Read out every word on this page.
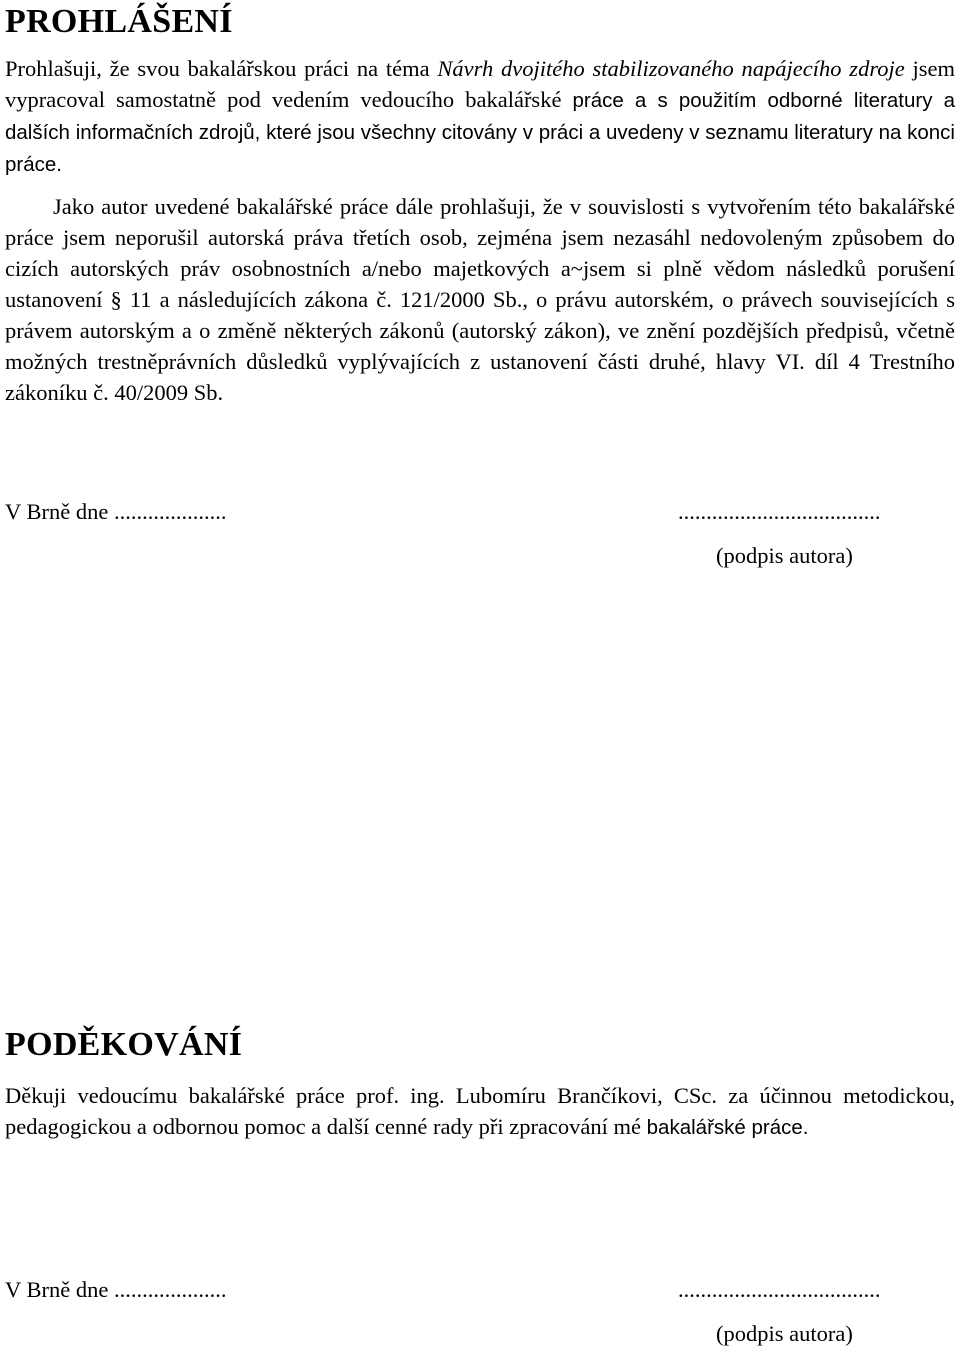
PROHLÁŠENÍ

Prohlašuji, že svou bakalářskou práci na téma Návrh dvojitého stabilizovaného napájecího zdroje jsem vypracoval samostatně pod vedením vedoucího bakalářské práce a s použitím odborné literatury a dalších informačních zdrojů, které jsou všechny citovány v práci a uvedeny v seznamu literatury na konci práce.

Jako autor uvedené bakalářské práce dále prohlašuji, že v souvislosti s vytvořením této bakalářské práce jsem neporušil autorská práva třetích osob, zejména jsem nezasáhl nedovoleným způsobem do cizích autorských práv osobnostních a/nebo majetkových a~jsem si plně vědom následků porušení ustanovení § 11 a následujících zákona č. 121/2000 Sb., o právu autorském, o právech souvisejících s právem autorským a o změně některých zákonů (autorský zákon), ve znění pozdějších předpisů, včetně možných trestněprávních důsledků vyplývajících z ustanovení části druhé, hlavy VI. díl 4 Trestního zákoníku č. 40/2009 Sb.

V Brně dne ....................	....................................

(podpis autora)

PODĚKOVÁNÍ

Děkuji vedoucímu bakalářské práce prof. ing. Lubomíru Brančíkovi, CSc. za účinnou metodickou, pedagogickou a odbornou pomoc a další cenné rady při zpracování mé bakalářské práce.

V Brně dne ....................	....................................

(podpis autora)
